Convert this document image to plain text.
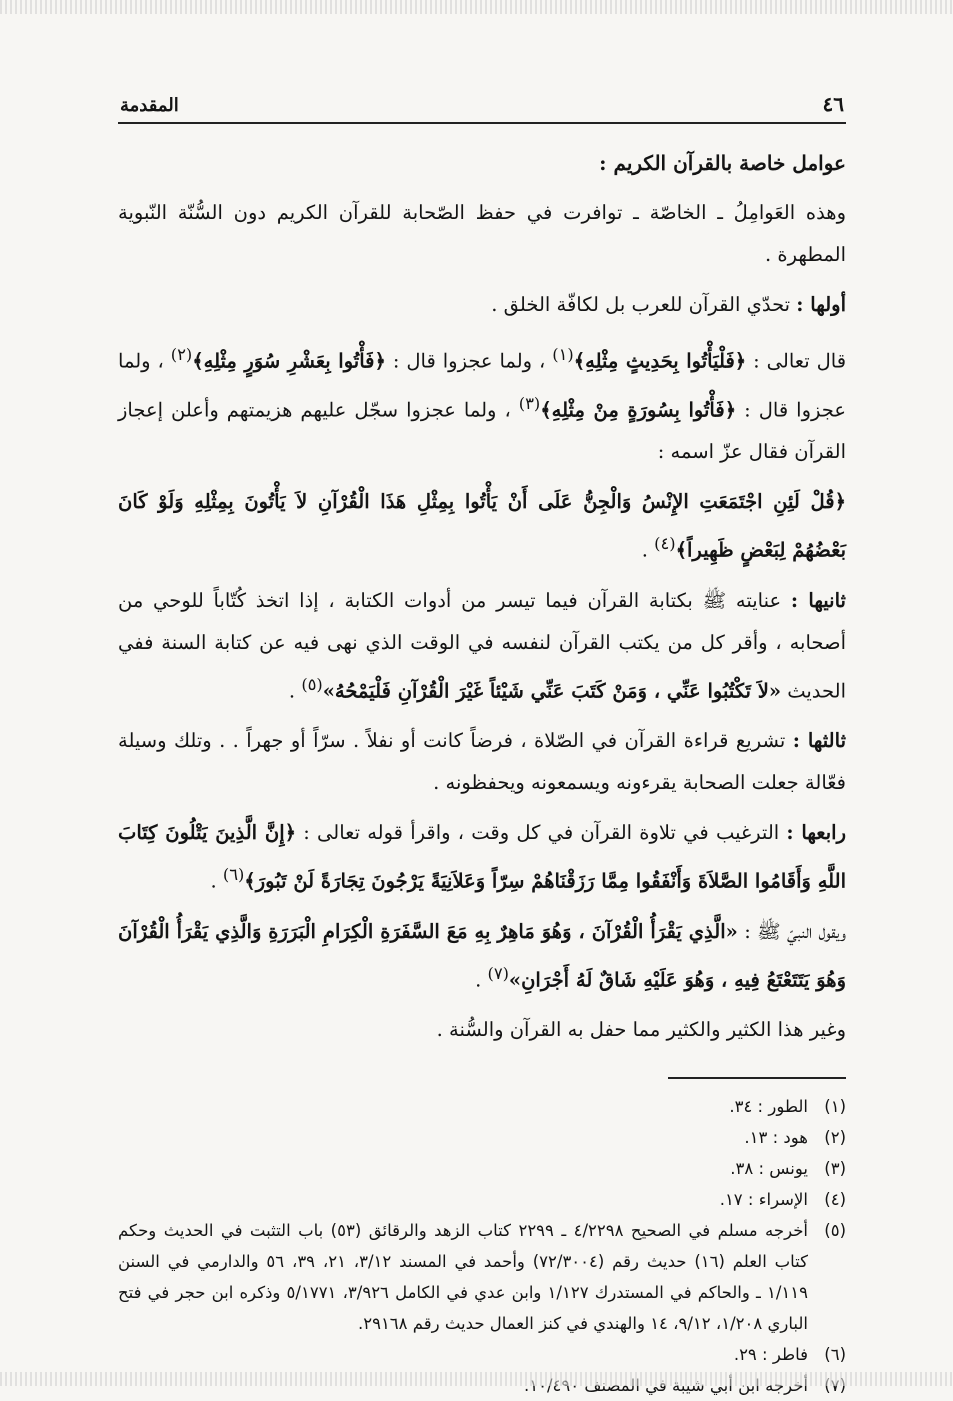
٤٦
المقدمة

عوامل خاصة بالقرآن الكريم :

وهذه العَوامِلُ ـ الخاصّة ـ توافرت في حفظ الصّحابة للقرآن الكريم دون السُّنّة النّبوية المطهرة .

أولها : تحدّي القرآن للعرب بل لكافّة الخلق .

قال تعالى : ﴿فَلْيَأْتُوا بِحَدِيثٍ مِثْلِهِ﴾$^{(١)}$ ، ولما عجزوا قال : ﴿فَأْتُوا بِعَشْرِ سُوَرٍ مِثْلِهِ﴾$^{(٢)}$ ، ولما عجزوا قال : ﴿فَأْتُوا بِسُورَةٍ مِنْ مِثْلِهِ﴾$^{(٣)}$ ، ولما عجزوا سجّل عليهم هزيمتهم وأعلن إعجاز القرآن فقال عزّ اسمه :

﴿قُلْ لَئِنِ اجْتَمَعَتِ الإِنْسُ وَالْجِنُّ عَلَى أَنْ يَأْتُوا بِمِثْلِ هَذَا الْقُرْآنِ لاَ يَأْتُونَ بِمِثْلِهِ وَلَوْ كَانَ بَعْضُهُمْ لِبَعْضٍ ظَهِيراً﴾$^{(٤)}$ .

ثانيها : عنايته ﷺ بكتابة القرآن فيما تيسر من أدوات الكتابة ، إذا اتخذ كُتّاباً للوحي من أصحابه ، وأقر كل من يكتب القرآن لنفسه في الوقت الذي نهى فيه عن كتابة السنة ففي الحديث «لاَ تَكْتُبُوا عَنِّي ، وَمَنْ كَتَبَ عَنِّي شَيْئاً غَيْرَ الْقُرْآنِ فَلْيَمْحُهُ»$^{(٥)}$ .

ثالثها : تشريع قراءة القرآن في الصّلاة ، فرضاً كانت أو نفلاً . سرّاً أو جهراً . . وتلك وسيلة فعّالة جعلت الصحابة يقرءونه ويسمعونه ويحفظونه .

رابعها : الترغيب في تلاوة القرآن في كل وقت ، واقرأ قوله تعالى : ﴿إِنَّ الَّذِينَ يَتْلُونَ كِتَابَ اللَّهِ وَأَقَامُوا الصَّلاَةَ وَأَنْفَقُوا مِمَّا رَزَقْنَاهُمْ سِرّاً وَعَلاَنِيَةً يَرْجُونَ تِجَارَةً لَنْ تَبُورَ﴾$^{(٦)}$ .

ويقول النبيّ ﷺ : «الَّذِي يَقْرَأُ الْقُرْآنَ ، وَهُوَ مَاهِرٌ بِهِ مَعَ السَّفَرَةِ الْكِرَامِ الْبَرَرَةِ وَالَّذِي يَقْرَأُ الْقُرْآنَ وَهُوَ يَتَتَعْتَعُ فِيهِ ، وَهُوَ عَلَيْهِ شَاقٌ لَهُ أَجْرَانِ»$^{(٧)}$ .

وغير هذا الكثير والكثير مما حفل به القرآن والسُّنة .

(١)
الطور : ٣٤.
(٢)
هود : ١٣.
(٣)
يونس : ٣٨.
(٤)
الإسراء : ١٧.
(٥)
أخرجه مسلم في الصحيح ٤/٢٢٩٨ ـ ٢٢٩٩ كتاب الزهد والرقائق (٥٣) باب التثبت في الحديث وحكم كتاب العلم (١٦) حديث رقم (٧٢/٣٠٠٤) وأحمد في المسند ٣/١٢، ٢١، ٣٩، ٥٦ والدارمي في السنن ١/١١٩ ـ والحاكم في المستدرك ١/١٢٧ وابن عدي في الكامل ٣/٩٢٦، ٥/١٧٧١ وذكره ابن حجر في فتح الباري ١/٢٠٨، ٩/١٢، ١٤ والهندي في كنز العمال حديث رقم ٢٩١٦٨.
(٦)
فاطر : ٢٩.
